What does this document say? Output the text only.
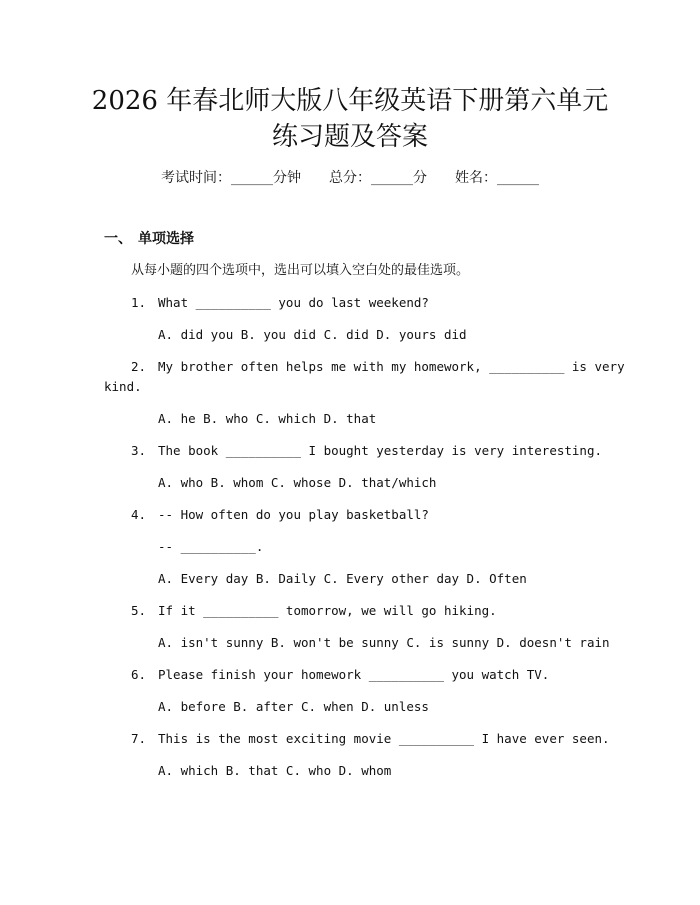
2026 年春北师大版八年级英语下册第六单元
练习题及答案
考试时间：______分钟 总分：______分 姓名：______
一、 单项选择
从每小题的四个选项中，选出可以填入空白处的最佳选项。
1. What __________ you do last weekend?
A. did you B. you did C. did D. yours did
2. My brother often helps me with my homework, __________ is very
kind.
A. he B. who C. which D. that
3. The book __________ I bought yesterday is very interesting.
A. who B. whom C. whose D. that/which
4. -- How often do you play basketball?
-- __________.
A. Every day B. Daily C. Every other day D. Often
5. If it __________ tomorrow, we will go hiking.
A. isn't sunny B. won't be sunny C. is sunny D. doesn't rain
6. Please finish your homework __________ you watch TV.
A. before B. after C. when D. unless
7. This is the most exciting movie __________ I have ever seen.
A. which B. that C. who D. whom
